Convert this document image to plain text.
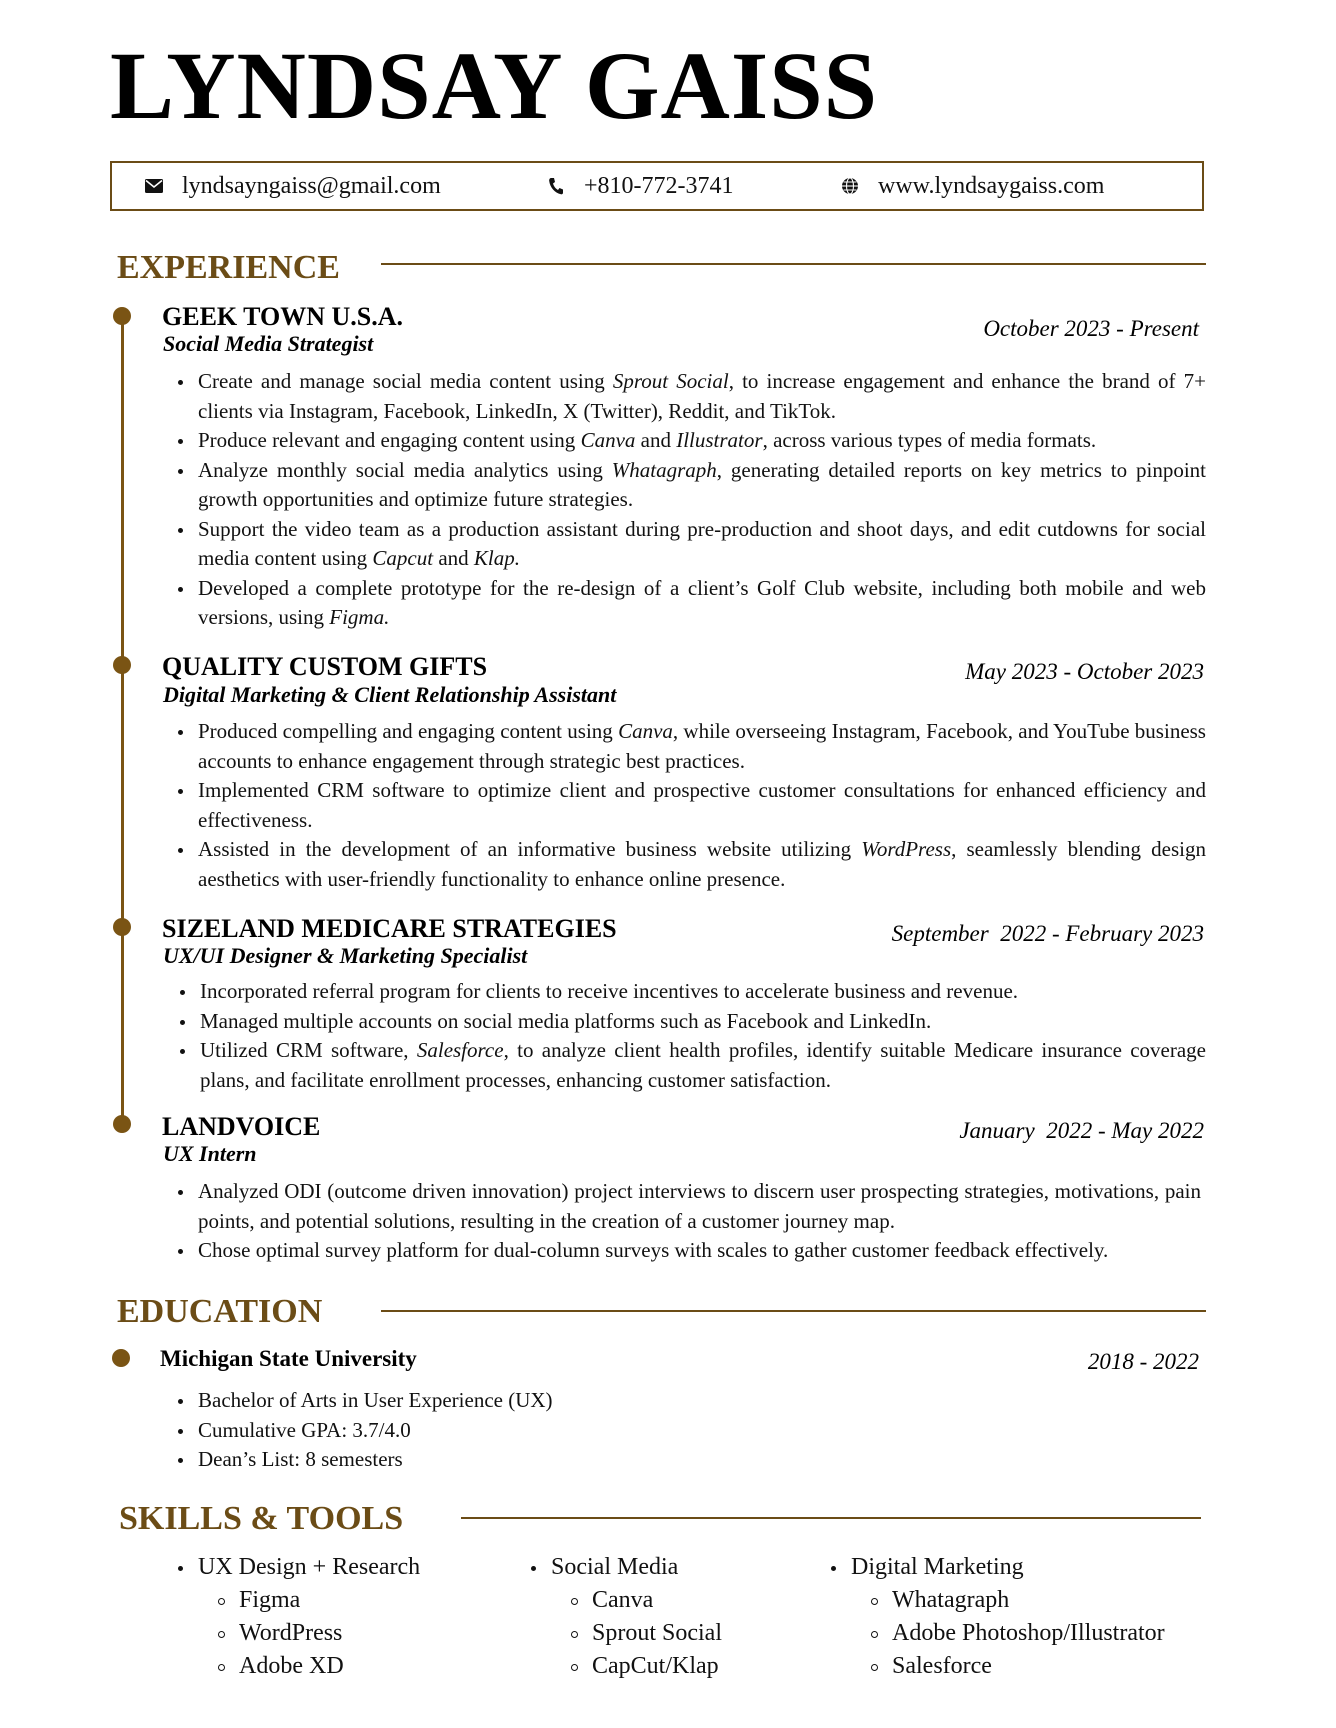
LYNDSAY GAISS
lyndsayngaiss@gmail.com	+810-772-3741	www.lyndsaygaiss.com
EXPERIENCE
GEEK TOWN U.S.A.
Social Media Strategist
October 2023 - Present
Create and manage social media content using Sprout Social, to increase engagement and enhance the brand of 7+ clients via Instagram, Facebook, LinkedIn, X (Twitter), Reddit, and TikTok.
Produce relevant and engaging content using Canva and Illustrator, across various types of media formats.
Analyze monthly social media analytics using Whatagraph, generating detailed reports on key metrics to pinpoint growth opportunities and optimize future strategies.
Support the video team as a production assistant during pre-production and shoot days, and edit cutdowns for social media content using Capcut and Klap.
Developed a complete prototype for the re-design of a client’s Golf Club website, including both mobile and web versions, using Figma.
QUALITY CUSTOM GIFTS
Digital Marketing & Client Relationship Assistant
May 2023 - October 2023
Produced compelling and engaging content using Canva, while overseeing Instagram, Facebook, and YouTube business accounts to enhance engagement through strategic best practices.
Implemented CRM software to optimize client and prospective customer consultations for enhanced efficiency and effectiveness.
Assisted in the development of an informative business website utilizing WordPress, seamlessly blending design aesthetics with user-friendly functionality to enhance online presence.
SIZELAND MEDICARE STRATEGIES
UX/UI Designer & Marketing Specialist
September  2022 - February 2023
Incorporated referral program for clients to receive incentives to accelerate business and revenue.
Managed multiple accounts on social media platforms such as Facebook and LinkedIn.
Utilized CRM software, Salesforce, to analyze client health profiles, identify suitable Medicare insurance coverage plans, and facilitate enrollment processes, enhancing customer satisfaction.
LANDVOICE
UX Intern
January  2022 - May 2022
Analyzed ODI (outcome driven innovation) project interviews to discern user prospecting strategies, motivations, pain points, and potential solutions, resulting in the creation of a customer journey map.
Chose optimal survey platform for dual-column surveys with scales to gather customer feedback effectively.
EDUCATION
Michigan State University	2018 - 2022
Bachelor of Arts in User Experience (UX)
Cumulative GPA: 3.7/4.0
Dean’s List: 8 semesters
SKILLS & TOOLS
UX Design + Research
Figma
WordPress
Adobe XD
Social Media
Canva
Sprout Social
CapCut/Klap
Digital Marketing
Whatagraph
Adobe Photoshop/Illustrator
Salesforce
